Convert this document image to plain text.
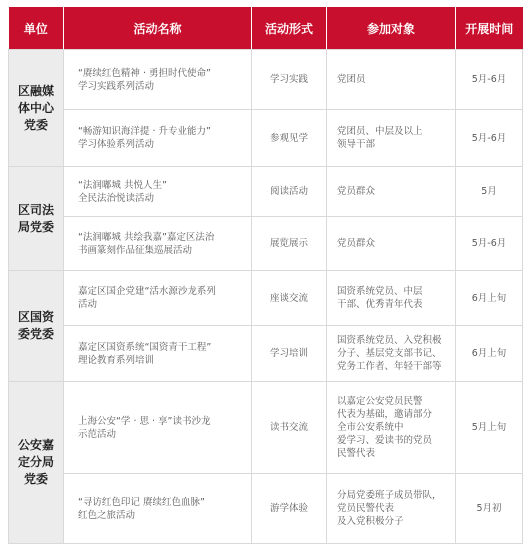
单位	活动名称	活动形式	参加对象	开展时间

区融媒
体中心
党委	“赓续红色精神 · 勇担时代使命”
学习实践系列活动	学习实践	党团员	5月-6月

	“畅游知识海洋提 · 升专业能力”
学习体验系列活动	参观见学	党团员、中层及以上
领导干部	5月-6月

区司法
局党委	“法润嘟城 共悦人生”
全民法治悦读活动	阅读活动	党员群众	5月

	“法润嘟城 共绘我嘉”嘉定区法治
书画篆刻作品征集巡展活动	展览展示	党员群众	5月-6月

区国资
委党委	嘉定区国企党建“活水源沙龙系列
活动	座谈交流	国资系统党员、中层
干部、优秀青年代表	6月上旬

	嘉定区国资系统“国资青干工程”
理论教育系列培训	学习培训	国资系统党员、入党积极
分子、基层党支部书记、
党务工作者、年轻干部等	6月上旬

公安嘉
定分局
党委	上海公安“学 · 思 · 享”读书沙龙
示范活动	读书交流	以嘉定公安党员民警
代表为基础，邀请部分
全市公安系统中
爱学习、爱读书的党员
民警代表	5月上旬

	“寻访红色印记 赓续红色血脉”
红色之旅活动	游学体验	分局党委班子成员带队，
党员民警代表
及入党积极分子	5月初
